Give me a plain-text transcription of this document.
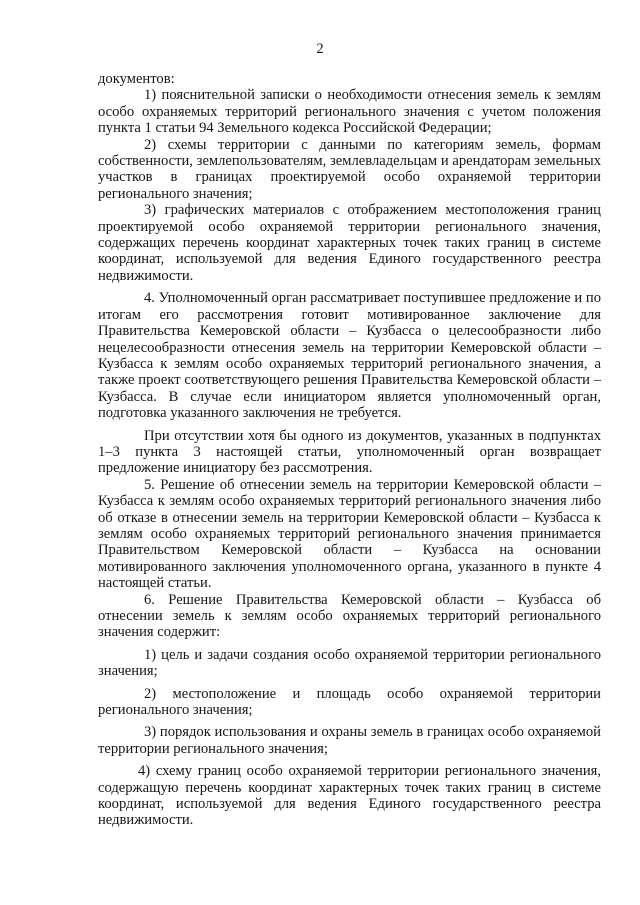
2

документов:

1) пояснительной записки о необходимости отнесения земель к землям особо охраняемых территорий регионального значения с учетом положения пункта 1 статьи 94 Земельного кодекса Российской Федерации;

2) схемы территории с данными по категориям земель, формам собственности, землепользователям, землевладельцам и арендаторам земельных участков в границах проектируемой особо охраняемой территории регионального значения;

3) графических материалов с отображением местоположения границ проектируемой особо охраняемой территории регионального значения, содержащих перечень координат характерных точек таких границ в системе координат, используемой для ведения Единого государственного реестра недвижимости.

4. Уполномоченный орган рассматривает поступившее предложение и по итогам его рассмотрения готовит мотивированное заключение для Правительства Кемеровской области – Кузбасса о целесообразности либо нецелесообразности отнесения земель на территории Кемеровской области – Кузбасса к землям особо охраняемых территорий регионального значения, а также проект соответствующего решения Правительства Кемеровской области – Кузбасса. В случае если инициатором является уполномоченный орган, подготовка указанного заключения не требуется.

При отсутствии хотя бы одного из документов, указанных в подпунктах 1–3 пункта 3 настоящей статьи, уполномоченный орган возвращает предложение инициатору без рассмотрения.

5. Решение об отнесении земель на территории Кемеровской области – Кузбасса к землям особо охраняемых территорий регионального значения либо об отказе в отнесении земель на территории Кемеровской области – Кузбасса к землям особо охраняемых территорий регионального значения принимается Правительством Кемеровской области – Кузбасса на основании мотивированного заключения уполномоченного органа, указанного в пункте 4 настоящей статьи.

6. Решение Правительства Кемеровской области – Кузбасса об отнесении земель к землям особо охраняемых территорий регионального значения содержит:

1) цель и задачи создания особо охраняемой территории регионального значения;

2) местоположение и площадь особо охраняемой территории регионального значения;

3) порядок использования и охраны земель в границах особо охраняемой территории регионального значения;

4) схему границ особо охраняемой территории регионального значения, содержащую перечень координат характерных точек таких границ в системе координат, используемой для ведения Единого государственного реестра недвижимости.
